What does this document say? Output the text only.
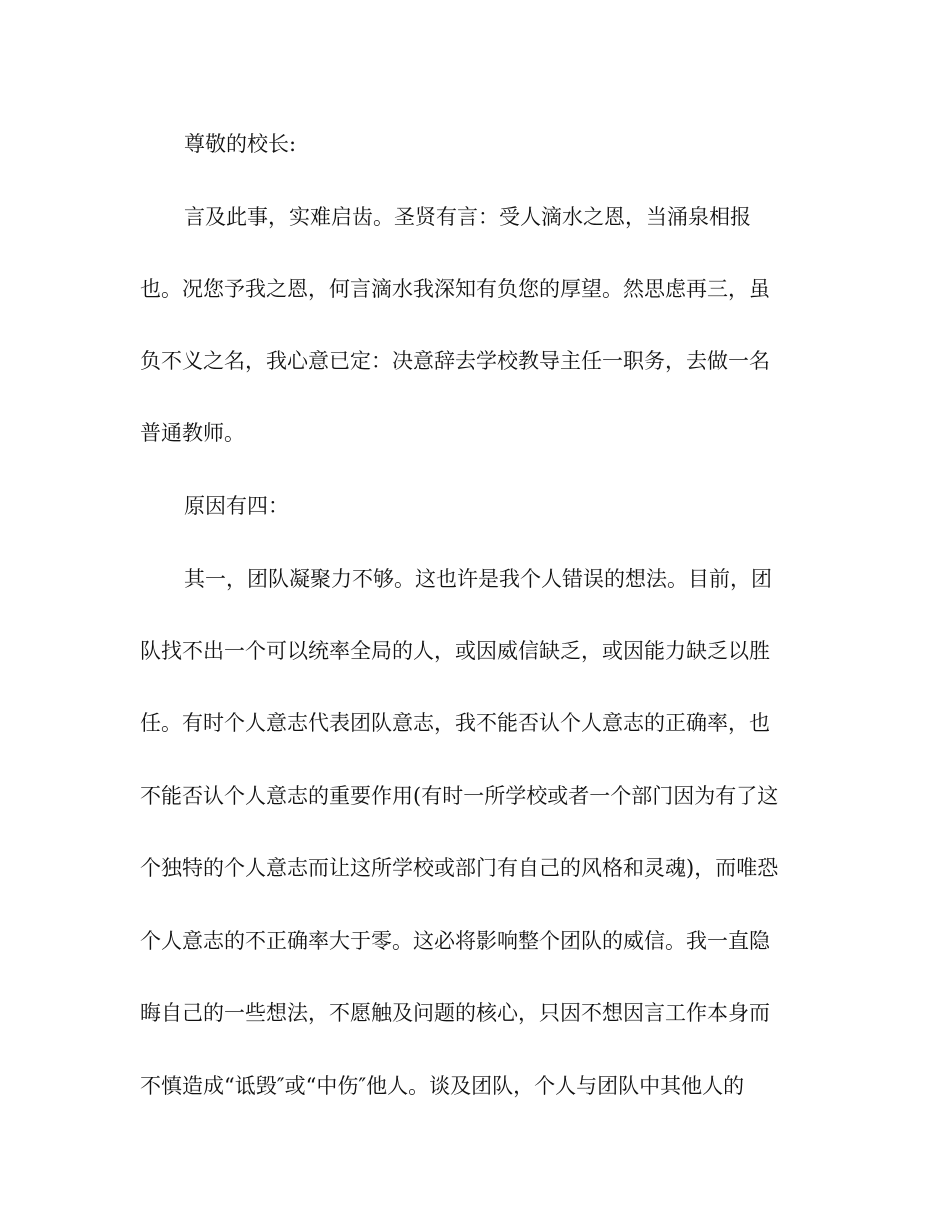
尊敬的校长:
言及此事，实难启齿。圣贤有言：受人滴水之恩，当涌泉相报
也。况您予我之恩，何言滴水我深知有负您的厚望。然思虑再三，虽
负不义之名，我心意已定：决意辞去学校教导主任一职务，去做一名
普通教师。
原因有四：
其一，团队凝聚力不够。这也许是我个人错误的想法。目前，团
队找不出一个可以统率全局的人，或因威信缺乏，或因能力缺乏以胜
任。有时个人意志代表团队意志，我不能否认个人意志的正确率，也
不能否认个人意志的重要作用(有时一所学校或者一个部门因为有了这
个独特的个人意志而让这所学校或部门有自己的风格和灵魂)，而唯恐
个人意志的不正确率大于零。这必将影响整个团队的威信。我一直隐
晦自己的一些想法，不愿触及问题的核心，只因不想因言工作本身而
不慎造成“诋毁″或“中伤″他人。谈及团队，个人与团队中其他人的
